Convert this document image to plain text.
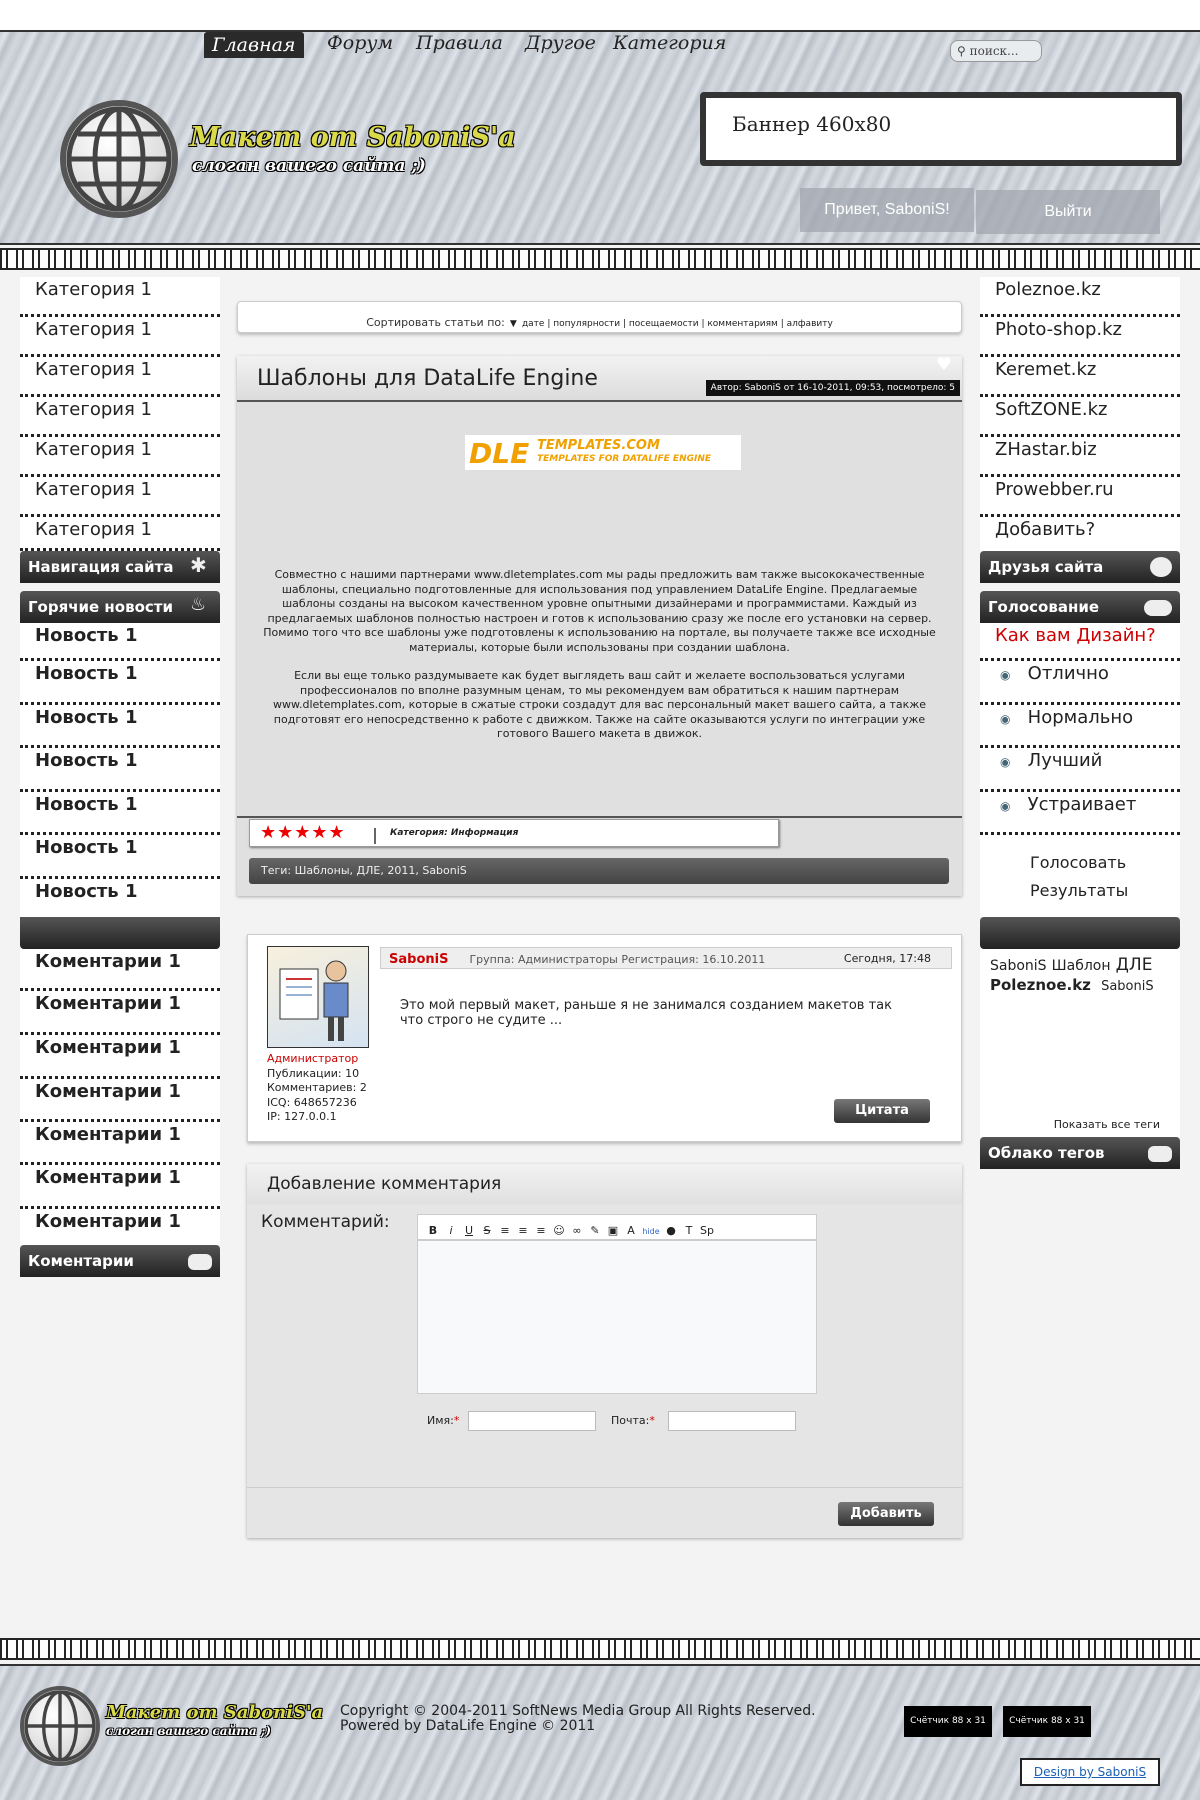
Главная	Форум Правила Другое Категория	⚲ поиск...
Макет от SaboniS'a
слоган вашего сайта ;)
Баннер 460x80
Привет, SaboniS!	Выйти
Категория 1
Категория 1
Категория 1
Категория 1
Категория 1
Категория 1
Категория 1
Навигация сайта ✱
Горячие новости ♨
Новость 1
Новость 1
Новость 1
Новость 1
Новость 1
Новость 1
Новость 1
Коментарии 1
Коментарии 1
Коментарии 1
Коментарии 1
Коментарии 1
Коментарии 1
Коментарии 1
Коментарии
Poleznoe.kz
Photo-shop.kz
Keremet.kz
SoftZONE.kz
ZHastar.biz
Prowebber.ru
Добавить?
Друзья сайта
Голосование
Как вам Дизайн?
◉ Отлично
◉ Нормально
◉ Лучший
◉ Устраивает
Голосовать
Результаты
SaboniS Шаблон ДЛЕ
Poleznoe.kz SaboniS
Показать все теги
Облако тегов
Сортировать статьи по: ▼ дате | популярности | посещаемости | комментариям | алфавиту
Шаблоны для DataLife Engine	Автор: SaboniS от 16-10-2011, 09:53, посмотрело: 5
♥
DLE TEMPLATES.COM
TEMPLATES FOR DATALIFE ENGINE

Совместно с нашими партнерами www.dletemplates.com мы рады предложить вам также высококачественные шаблоны, специально подготовленные для использования под управлением DataLife Engine. Предлагаемые шаблоны созданы на высоком качественном уровне опытными дизайнерами и программистами. Каждый из предлагаемых шаблонов полностью настроен и готов к использованию сразу же после его установки на сервер. Помимо того что все шаблоны уже подготовлены к использованию на портале, вы получаете также все исходные материалы, которые были использованы при создании шаблона.

Если вы еще только раздумываете как будет выглядеть ваш сайт и желаете воспользоваться услугами профессионалов по вполне разумным ценам, то мы рекомендуем вам обратиться к нашим партнерам www.dletemplates.com, которые в сжатые строки создадут для вас персональный макет вашего сайта, а также подготовят его непосредственно к работе с движком. Также на сайте оказываются услуги по интеграции уже готового Вашего макета в движок.

★★★★★	Категория: Информация
Теги: Шаблоны, ДЛЕ, 2011, SaboniS
SaboniS Группа: Администраторы Регистрация: 16.10.2011	Сегодня, 17:48
Это мой первый макет, раньше я не занимался созданием макетов так что строго не судите ...
Администратор
Публикации: 10
Комментариев: 2
ICQ: 648657236
IP: 127.0.0.1	Цитата
Добавление комментария
Комментарий:	B i U S ≡ ≡ ≡ ☺ ∞ ✎ ▣ A hide ● T Sp
Имя:*	Почта:*
Добавить
Макет от SaboniS'a
слоган вашего сайта ;)
Copyright © 2004-2011 SoftNews Media Group All Rights Reserved.
Powered by DataLife Engine © 2011	Счётчик 88 x 31	Счётчик 88 x 31
Design by SaboniS
